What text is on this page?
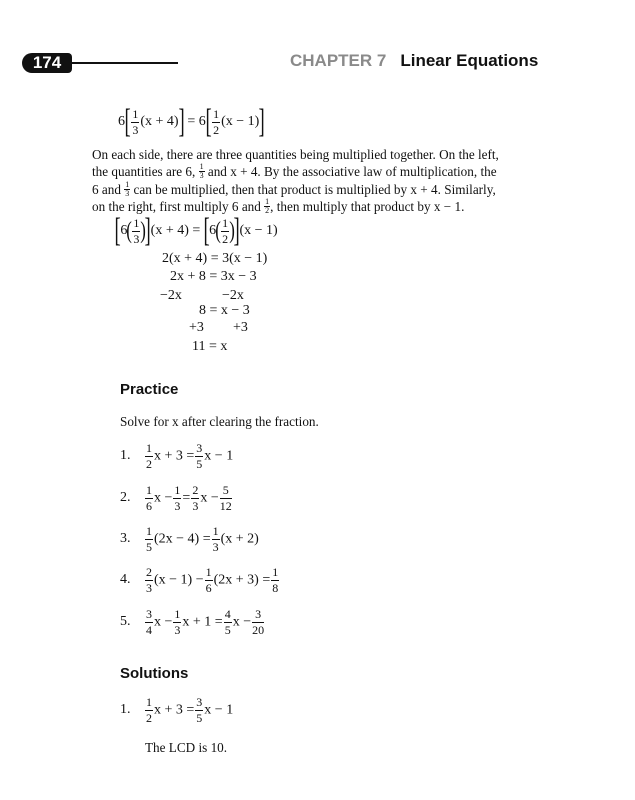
174	CHAPTER 7 Linear Equations
$6[ \frac{1}{3} (x + 4)] = 6[ \frac{1}{2} (x - 1)]$

On each side, there are three quantities being multiplied together. On the left,

the quantities are 6, $\frac{1}{3}$ and x + 4. By the associative law of multiplication, the

6 and $\frac{1}{3}$ can be multiplied, then that product is multiplied by x + 4. Similarly,

on the right, first multiply 6 and $\frac{1}{2}$ , then multiply that product by x − 1.

$[6( \frac{1}{3} )](x + 4) = [6( \frac{1}{2} )](x - 1)$
2(x + 4) = 3(x − 1)
2x + 8 = 3x − 3
−2x	−2x
8 = x − 3
+3 +3
11 = x
Practice
Solve for x after clearing the fraction.
1. $\frac{1}{2}$ $x + 3 = \frac{3}{5}$ x − 1
2. $\frac{1}{6}$ $x - \frac{1}{3} = \frac{2}{3}$ $x - \frac{5}{12}$
3. $\frac{1}{5} (2x - 4) = \frac{1}{3} (x + 2)$
4. $\frac{2}{3} (x - 1) - \frac{1}{6} (2x + 3) = \frac{1}{8}$
5. $\frac{3}{4}$ $x - \frac{1}{3}$ $x + 1 = \frac{4}{5}$ $x - \frac{3}{20}$
Solutions
1. $\frac{1}{2}$ $x + 3 = \frac{3}{5}$ x − 1
The LCD is 10.
